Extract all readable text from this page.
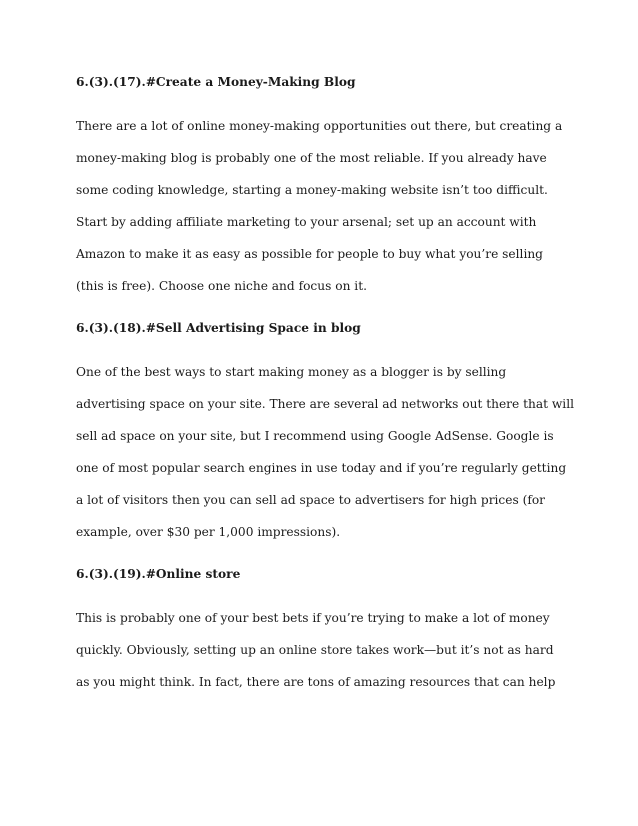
6.(3).(17).#Create a Money-Making Blog

There are a lot of online money-making opportunities out there, but creating a

money-making blog is probably one of the most reliable. If you already have

some coding knowledge, starting a money-making website isn’t too difficult.

Start by adding affiliate marketing to your arsenal; set up an account with

Amazon to make it as easy as possible for people to buy what you’re selling

(this is free). Choose one niche and focus on it.

6.(3).(18).#Sell Advertising Space in blog

One of the best ways to start making money as a blogger is by selling

advertising space on your site. There are several ad networks out there that will

sell ad space on your site, but I recommend using Google AdSense. Google is

one of most popular search engines in use today and if you’re regularly getting

a lot of visitors then you can sell ad space to advertisers for high prices (for

example, over $30 per 1,000 impressions).

6.(3).(19).#Online store

This is probably one of your best bets if you’re trying to make a lot of money

quickly. Obviously, setting up an online store takes work—but it’s not as hard

as you might think. In fact, there are tons of amazing resources that can help
